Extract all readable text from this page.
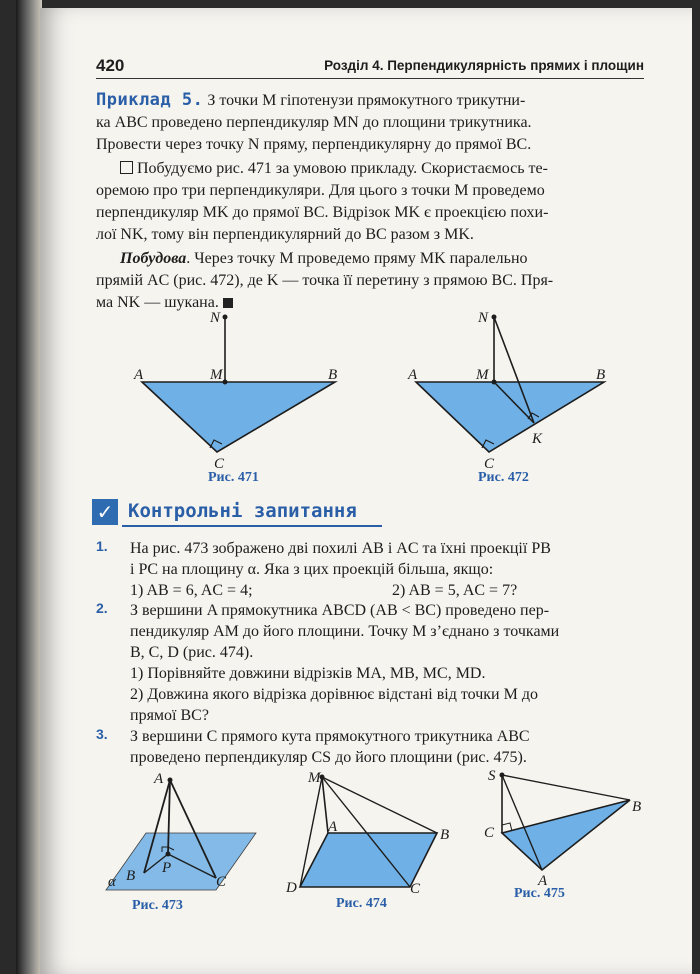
420	Розділ 4. Перпендикулярність прямих і площин

Приклад 5. З точки M гіпотенузи прямокутного трикутни-

ка ABC проведено перпендикуляр MN до площини трикутника.

Провести через точку N пряму, перпендикулярну до прямої BC.

Побудуємо рис. 471 за умовою прикладу. Скористаємось те-

оремою про три перпендикуляри. Для цього з точки M проведемо

перпендикуляр MK до прямої BC. Відрізок MK є проекцією похи-

лої NK, тому він перпендикулярний до BC разом з MK.

Побудова. Через точку M проведемо пряму MK паралельно

прямій AC (рис. 472), де K — точка її перетину з прямою BC. Пря-

ма NK — шукана.

N
A	M	B
C
Рис. 471
N
A	M	B
K
C
Рис. 472
✓ Контрольні запитання
1. На рис. 473 зображено дві похилі AB і AC та їхні проекції PB

і PC на площину α. Яка з цих проекцій більша, якщо:

1) AB = 6, AC = 4;	2) AB = 5, AC = 7?

2. З вершини A прямокутника ABCD (AB < BC) проведено пер-

пендикуляр AM до його площини. Точку M з’єднано з точками

B, C, D (рис. 474).

1) Порівняйте довжини відрізків MA, MB, MC, MD.

2) Довжина якого відрізка дорівнює відстані від точки M до

прямої BC?

3. З вершини C прямого кута прямокутного трикутника ABC

проведено перпендикуляр CS до його площини (рис. 475).

A
P
B	C
α
Рис. 473
M
A	B
D	C
Рис. 474
S
B
C
A
Рис. 475
